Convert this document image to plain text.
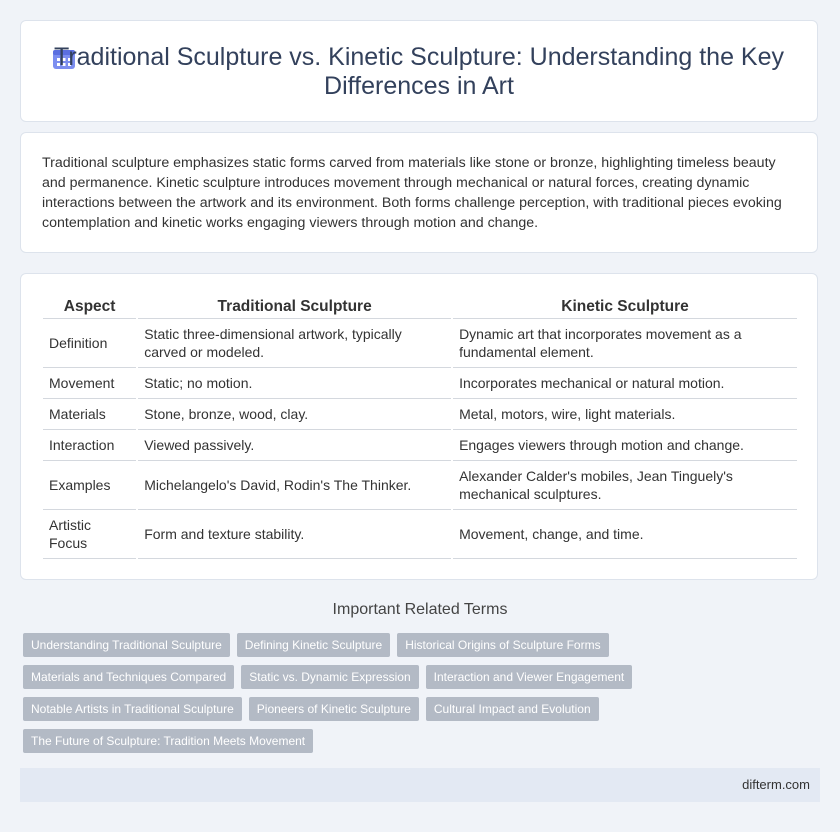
Traditional Sculpture vs. Kinetic Sculpture: Understanding the Key Differences in Art

Traditional sculpture emphasizes static forms carved from materials like stone or bronze, highlighting timeless beauty and permanence. Kinetic sculpture introduces movement through mechanical or natural forces, creating dynamic interactions between the artwork and its environment. Both forms challenge perception, with traditional pieces evoking contemplation and kinetic works engaging viewers through motion and change.

Aspect	Traditional Sculpture	Kinetic Sculpture
Definition	Static three-dimensional artwork, typically carved or modeled.	Dynamic art that incorporates movement as a fundamental element.
Movement	Static; no motion.	Incorporates mechanical or natural motion.
Materials	Stone, bronze, wood, clay.	Metal, motors, wire, light materials.
Interaction	Viewed passively.	Engages viewers through motion and change.
Examples	Michelangelo's David, Rodin's The Thinker.	Alexander Calder's mobiles, Jean Tinguely's mechanical sculptures.
Artistic Focus	Form and texture stability.	Movement, change, and time.
Important Related Terms
Understanding Traditional Sculpture	Defining Kinetic Sculpture	Historical Origins of Sculpture Forms
Materials and Techniques Compared	Static vs. Dynamic Expression	Interaction and Viewer Engagement
Notable Artists in Traditional Sculpture	Pioneers of Kinetic Sculpture	Cultural Impact and Evolution
The Future of Sculpture: Tradition Meets Movement
difterm.com
